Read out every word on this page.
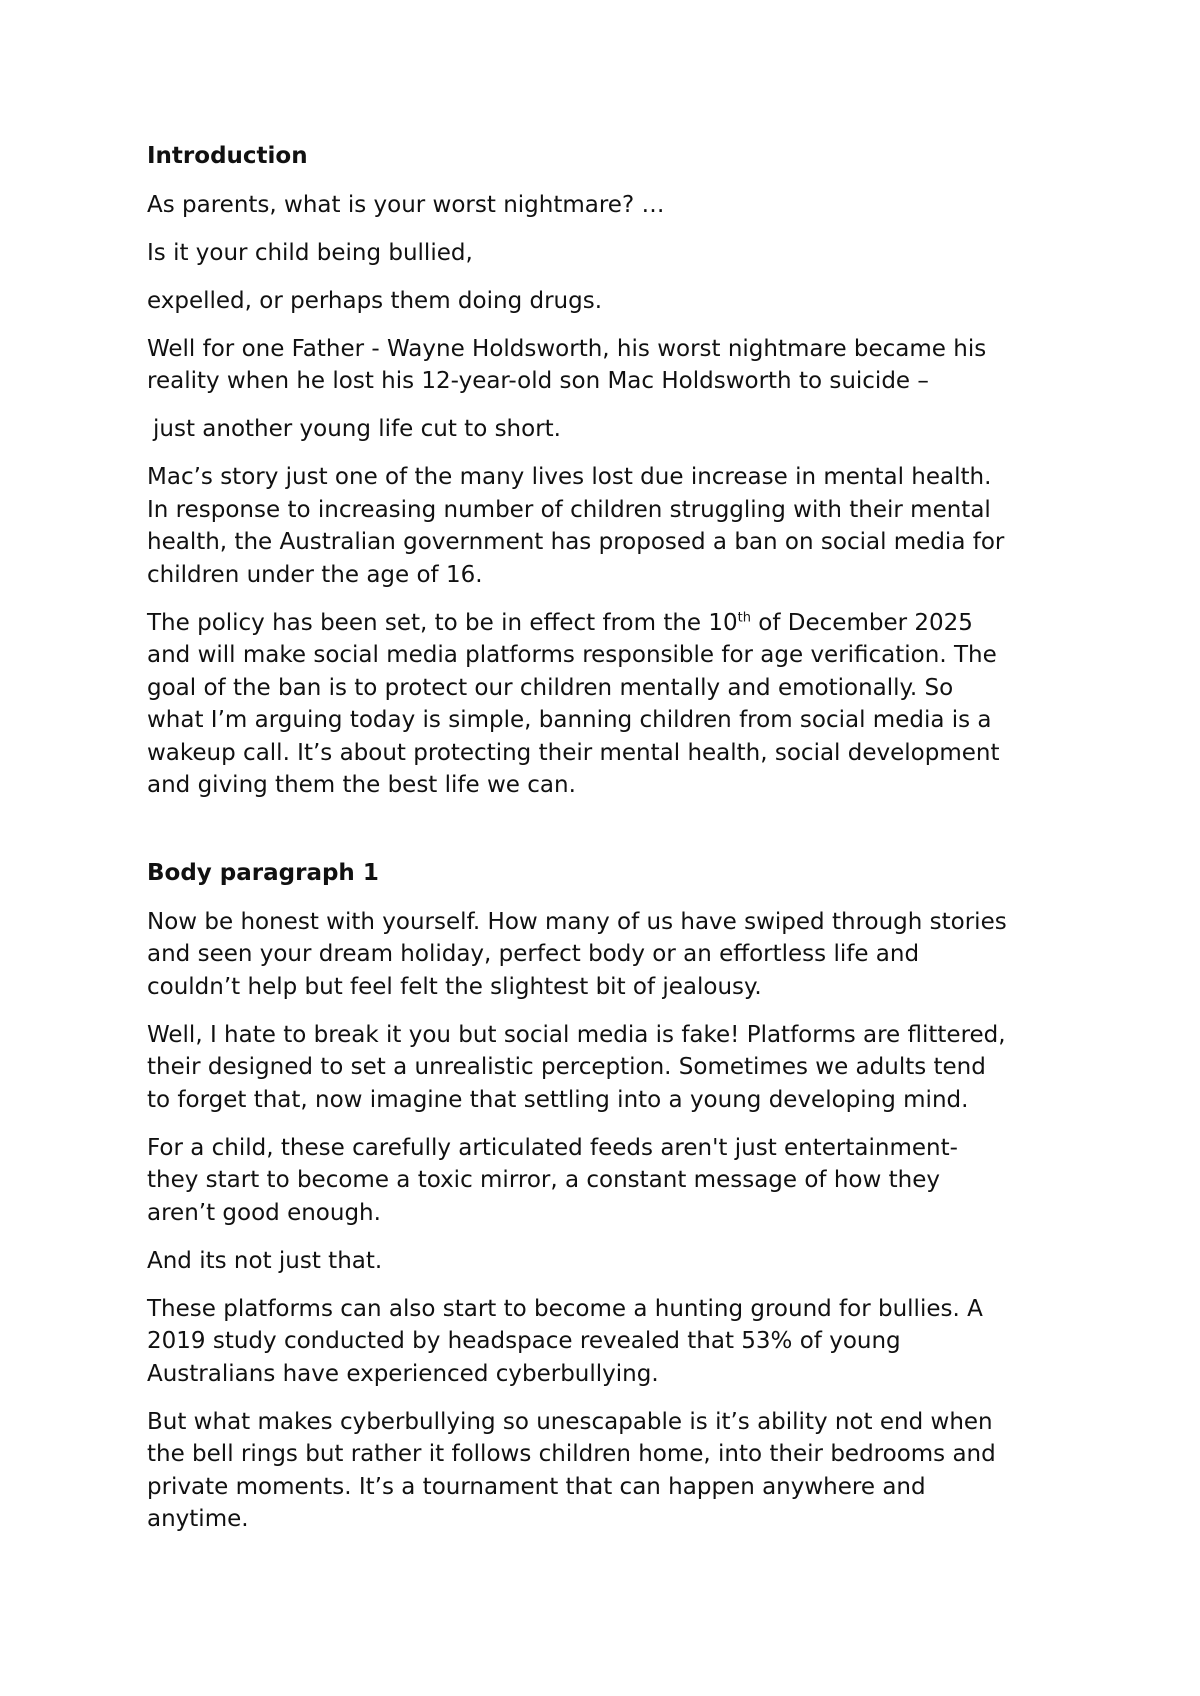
Introduction
As parents, what is your worst nightmare? …
Is it your child being bullied,
expelled, or perhaps them doing drugs.
Well for one Father - Wayne Holdsworth, his worst nightmare became his
reality when he lost his 12-year-old son Mac Holdsworth to suicide –
just another young life cut to short.
Mac’s story just one of the many lives lost due increase in mental health.
In response to increasing number of children struggling with their mental
health, the Australian government has proposed a ban on social media for
children under the age of 16.
The policy has been set, to be in effect from the 10th of December 2025
and will make social media platforms responsible for age verification. The
goal of the ban is to protect our children mentally and emotionally. So
what I’m arguing today is simple, banning children from social media is a
wakeup call. It’s about protecting their mental health, social development
and giving them the best life we can.
Body paragraph 1
Now be honest with yourself. How many of us have swiped through stories
and seen your dream holiday, perfect body or an effortless life and
couldn’t help but feel felt the slightest bit of jealousy.
Well, I hate to break it you but social media is fake! Platforms are flittered,
their designed to set a unrealistic perception. Sometimes we adults tend
to forget that, now imagine that settling into a young developing mind.
For a child, these carefully articulated feeds aren't just entertainment-
they start to become a toxic mirror, a constant message of how they
aren’t good enough.
And its not just that.
These platforms can also start to become a hunting ground for bullies. A
2019 study conducted by headspace revealed that 53% of young
Australians have experienced cyberbullying.
But what makes cyberbullying so unescapable is it’s ability not end when
the bell rings but rather it follows children home, into their bedrooms and
private moments. It’s a tournament that can happen anywhere and
anytime.
